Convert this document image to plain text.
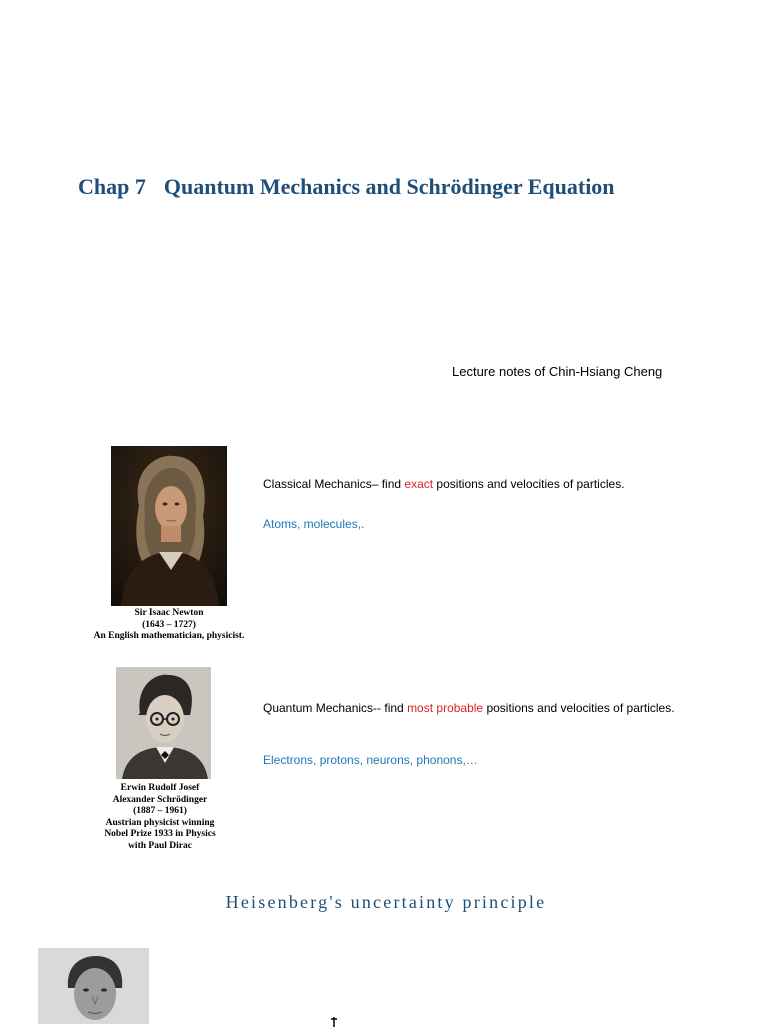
Chap 7 Quantum Mechanics and Schrödinger Equation
Lecture notes of Chin-Hsiang Cheng
Sir Isaac Newton
(1643 – 1727)
An English mathematician, physicist.
Classical Mechanics– find exact positions and velocities of particles.
Atoms, molecules,.
Erwin Rudolf Josef
Alexander Schrödinger
(1887 – 1961)
Austrian physicist winning
Nobel Prize 1933 in Physics
with Paul Dirac
Quantum Mechanics-- find most probable positions and velocities of particles.
Electrons, protons, neurons, phonons,…
Heisenberg's uncertainty principle
